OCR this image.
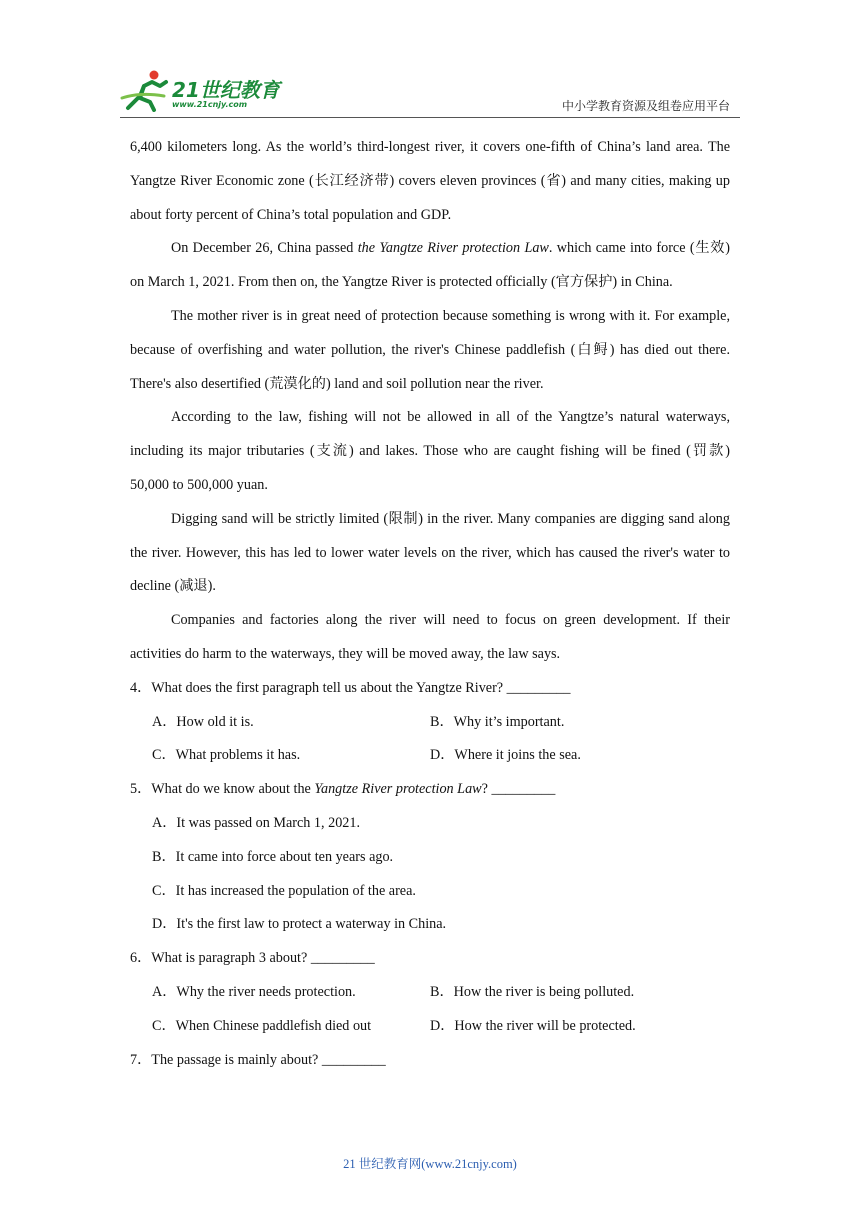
21世纪教育
www.21cnjy.com	中小学教育资源及组卷应用平台

6,400 kilometers long. As the world’s third-longest river, it covers one-fifth of China’s land area. The Yangtze River Economic zone (长江经济带) covers eleven provinces (省) and many cities, making up about forty percent of China’s total population and GDP.

On December 26, China passed the Yangtze River protection Law. which came into force (生效) on March 1, 2021. From then on, the Yangtze River is protected officially (官方保护) in China.

The mother river is in great need of protection because something is wrong with it. For example, because of overfishing and water pollution, the river's Chinese paddlefish (白鲟) has died out there. There's also desertified (荒漠化的) land and soil pollution near the river.

According to the law, fishing will not be allowed in all of the Yangtze’s natural waterways, including its major tributaries (支流) and lakes. Those who are caught fishing will be fined (罚款) 50,000 to 500,000 yuan.

Digging sand will be strictly limited (限制) in the river. Many companies are digging sand along the river. However, this has led to lower water levels on the river, which has caused the river's water to decline (减退).

Companies and factories along the river will need to focus on green development. If their activities do harm to the waterways, they will be moved away, the law says.

4．What does the first paragraph tell us about the Yangtze River? _________

A．How old it is.	B．Why it’s important.
C．What problems it has.	D．Where it joins the sea.

5．What do we know about the Yangtze River protection Law? _________

A．It was passed on March 1, 2021.
B．It came into force about ten years ago.
C．It has increased the population of the area.
D．It's the first law to protect a waterway in China.

6．What is paragraph 3 about? _________

A．Why the river needs protection.	B．How the river is being polluted.
C．When Chinese paddlefish died out	D．How the river will be protected.

7．The passage is mainly about? _________

21 世纪教育网(www.21cnjy.com)
